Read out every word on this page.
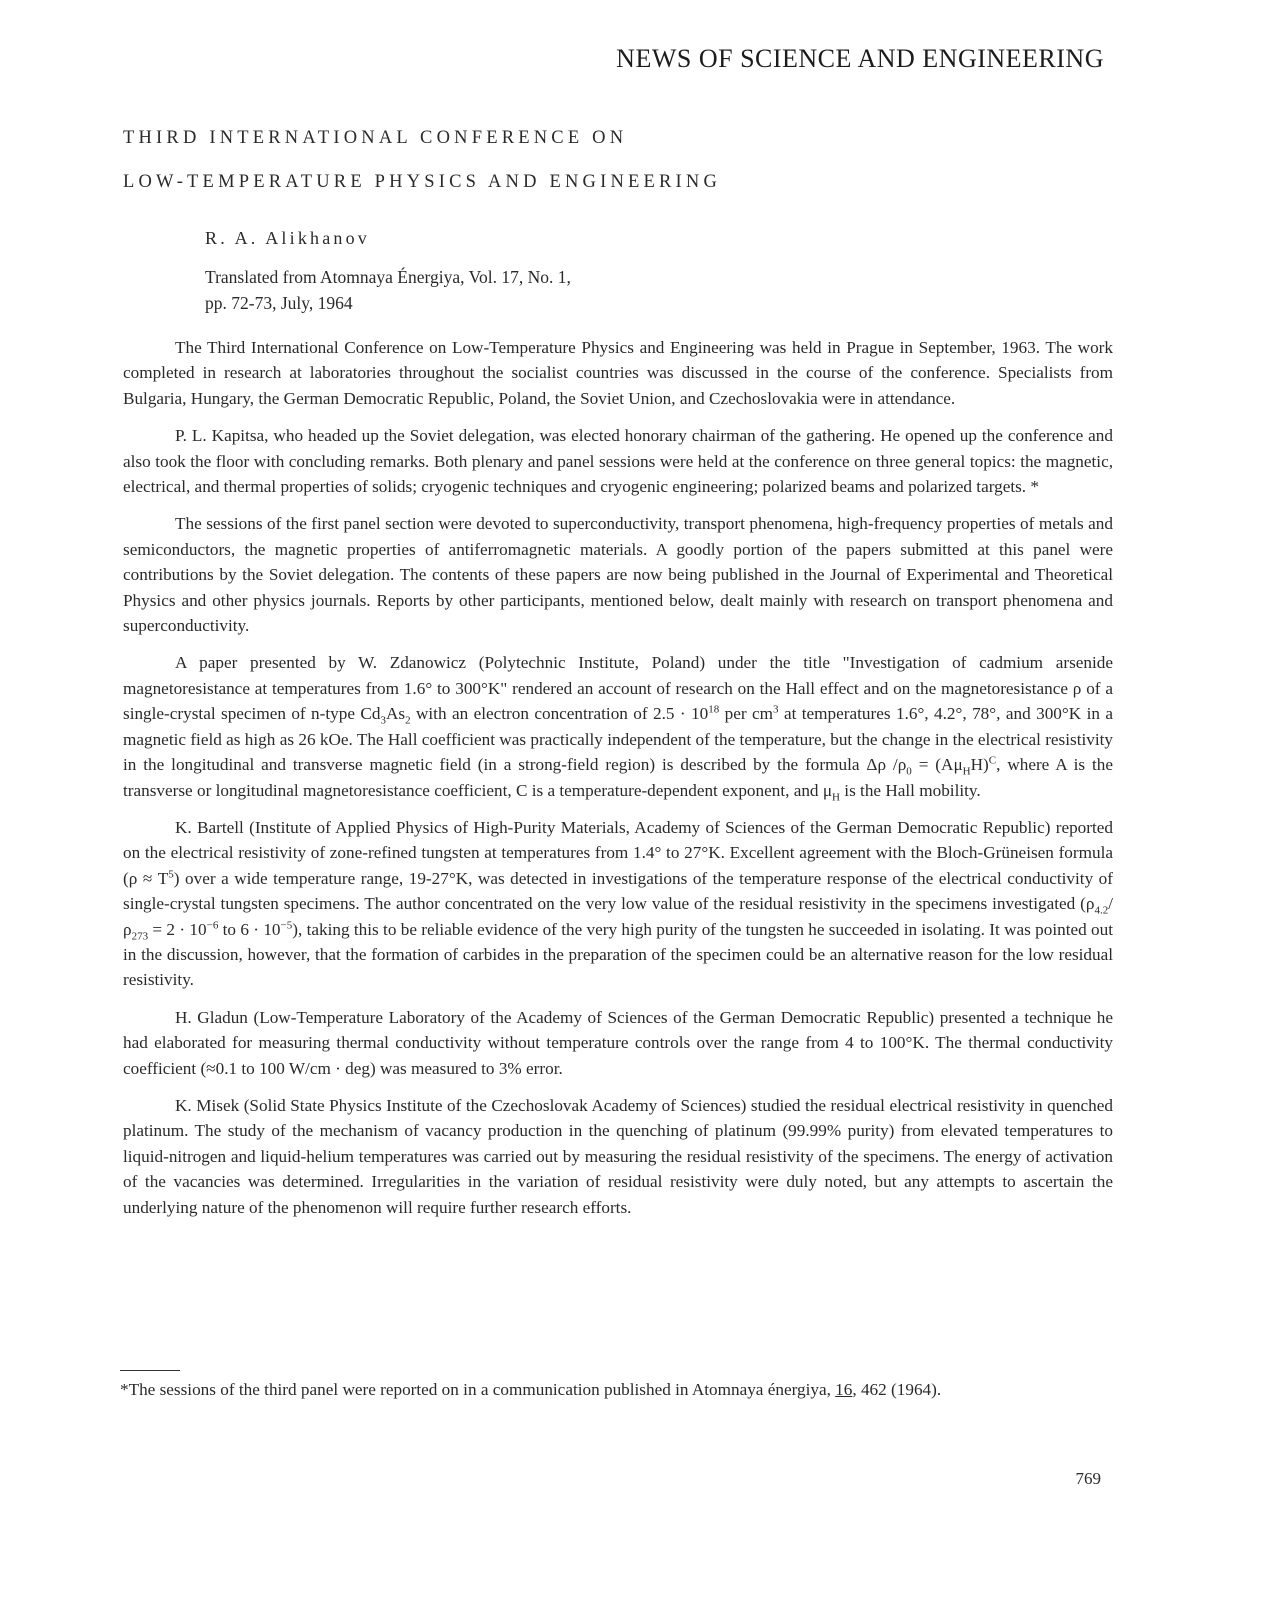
NEWS OF SCIENCE AND ENGINEERING
THIRD INTERNATIONAL CONFERENCE ON
LOW-TEMPERATURE PHYSICS AND ENGINEERING
R. A. Alikhanov
Translated from Atomnaya Énergiya, Vol. 17, No. 1,
pp. 72-73, July, 1964

The Third International Conference on Low-Temperature Physics and Engineering was held in Prague in September, 1963. The work completed in research at laboratories throughout the socialist countries was discussed in the course of the conference. Specialists from Bulgaria, Hungary, the German Democratic Republic, Poland, the Soviet Union, and Czechoslovakia were in attendance.

P. L. Kapitsa, who headed up the Soviet delegation, was elected honorary chairman of the gathering. He opened up the conference and also took the floor with concluding remarks. Both plenary and panel sessions were held at the conference on three general topics: the magnetic, electrical, and thermal properties of solids; cryogenic techniques and cryogenic engineering; polarized beams and polarized targets. *

The sessions of the first panel section were devoted to superconductivity, transport phenomena, high-frequency properties of metals and semiconductors, the magnetic properties of antiferromagnetic materials. A goodly portion of the papers submitted at this panel were contributions by the Soviet delegation. The contents of these papers are now being published in the Journal of Experimental and Theoretical Physics and other physics journals. Reports by other participants, mentioned below, dealt mainly with research on transport phenomena and superconductivity.

A paper presented by W. Zdanowicz (Polytechnic Institute, Poland) under the title "Investigation of cadmium arsenide magnetoresistance at temperatures from 1.6° to 300°K" rendered an account of research on the Hall effect and on the magnetoresistance ρ of a single-crystal specimen of n-type $Cd_3As_2$ with an electron concentration of $2.5 \cdot 10^{18}$ per $cm^3$ at temperatures 1.6°, 4.2°, 78°, and 300°K in a magnetic field as high as 26 kOe. The Hall coefficient was practically independent of the temperature, but the change in the electrical resistivity in the longitudinal and transverse magnetic field (in a strong-field region) is described by the formula Δρ $/\rho_0 = (A\mu_HH)^C$, where A is the transverse or longitudinal magnetoresistance coefficient, C is a temperature-dependent exponent, and $\mu_H$ is the Hall mobility.

K. Bartell (Institute of Applied Physics of High-Purity Materials, Academy of Sciences of the German Democratic Republic) reported on the electrical resistivity of zone-refined tungsten at temperatures from 1.4° to 27°K. Excellent agreement with the Bloch-Grüneisen formula $(\rho \approx T^5)$ over a wide temperature range, 19-27°K, was detected in investigations of the temperature response of the electrical conductivity of single-crystal tungsten specimens. The author concentrated on the very low value of the residual resistivity in the specimens investigated ($\rho_{4.2}/\rho_{273} = 2 \cdot 10^{-6}$ to $6 \cdot 10^{-5}$), taking this to be reliable evidence of the very high purity of the tungsten he succeeded in isolating. It was pointed out in the discussion, however, that the formation of carbides in the preparation of the specimen could be an alternative reason for the low residual resistivity.

H. Gladun (Low-Temperature Laboratory of the Academy of Sciences of the German Democratic Republic) presented a technique he had elaborated for measuring thermal conductivity without temperature controls over the range from 4 to 100°K. The thermal conductivity coefficient (≈0.1 to 100 W/cm · deg) was measured to 3% error.

K. Misek (Solid State Physics Institute of the Czechoslovak Academy of Sciences) studied the residual electrical resistivity in quenched platinum. The study of the mechanism of vacancy production in the quenching of platinum (99.99% purity) from elevated temperatures to liquid-nitrogen and liquid-helium temperatures was carried out by measuring the residual resistivity of the specimens. The energy of activation of the vacancies was determined. Irregularities in the variation of residual resistivity were duly noted, but any attempts to ascertain the underlying nature of the phenomenon will require further research efforts.

*The sessions of the third panel were reported on in a communication published in Atomnaya énergiya, 16, 462 (1964).
769
